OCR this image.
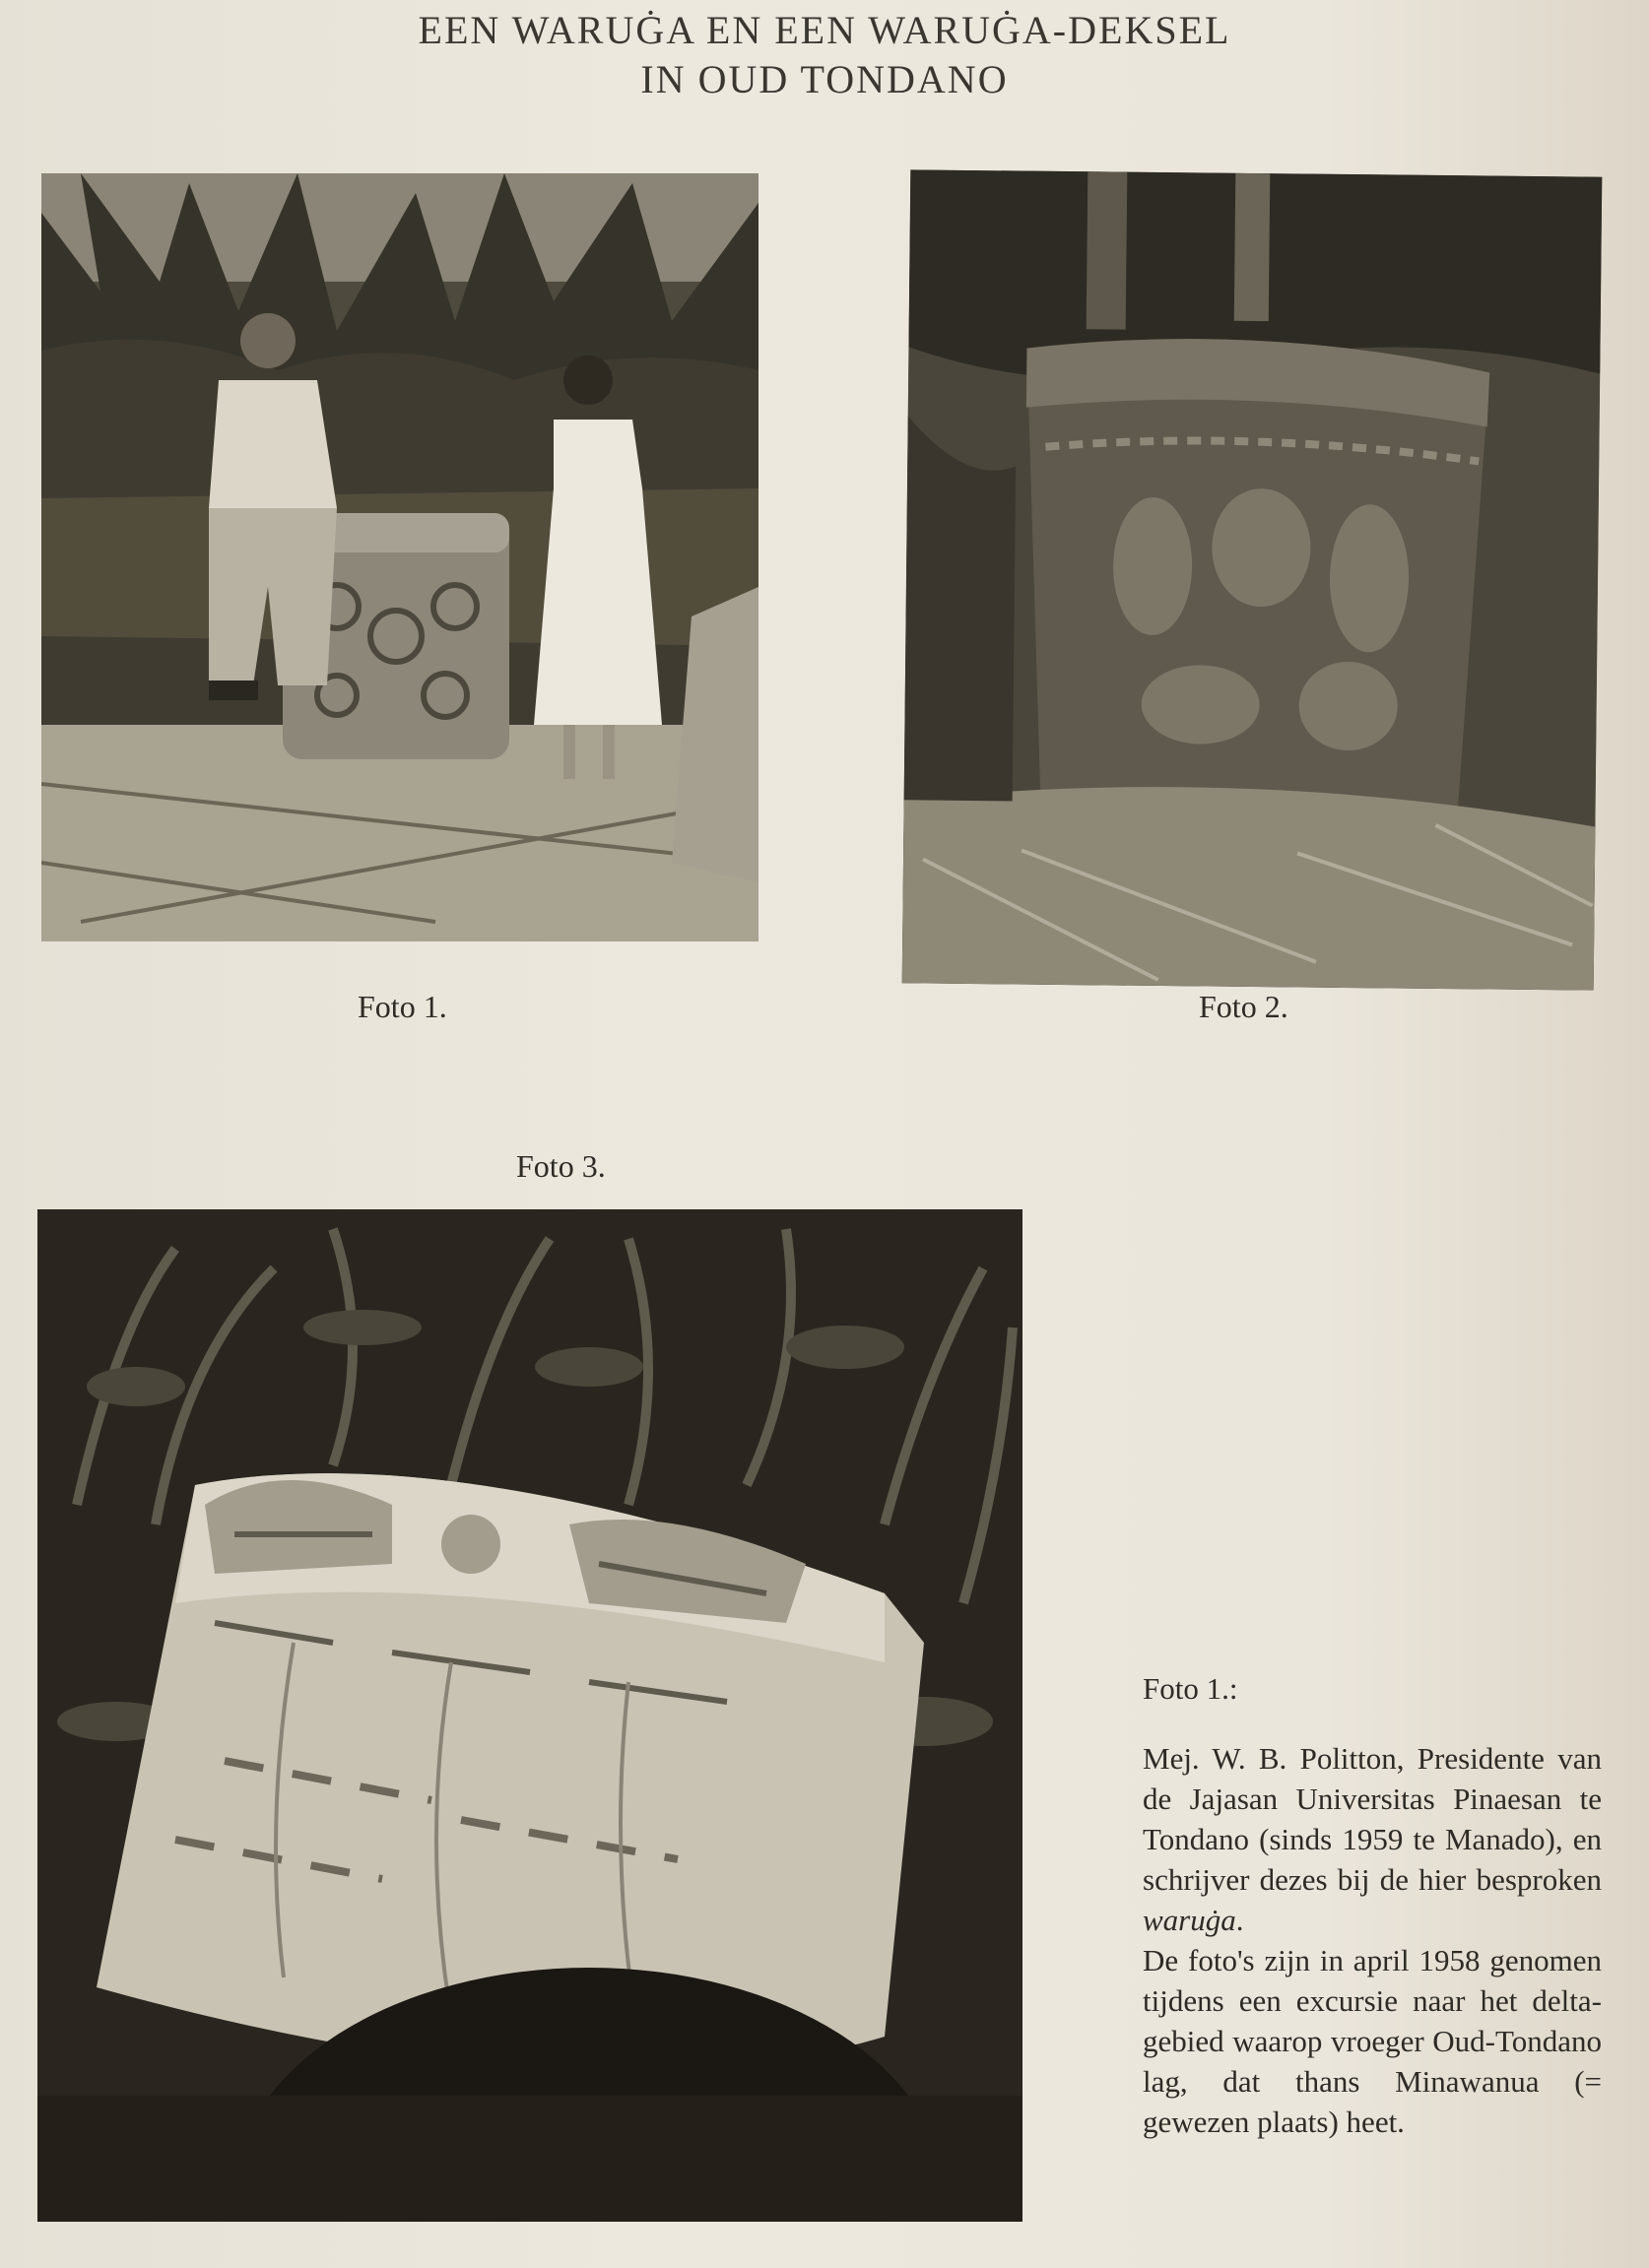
EEN WARUĠA EN EEN WARUĠA-DEKSEL
IN OUD TONDANO
Foto 1.	Foto 2.
Foto 3.
Foto 1.:

Mej. W. B. Politton, Presidente van de Jajasan Universitas Pinaesan te Tondano (sinds 1959 te Manado), en schrijver dezes bij de hier besproken waruġa.

De foto's zijn in april 1958 genomen tijdens een excursie naar het delta-gebied waarop vroeger Oud-Tondano lag, dat thans Minawanua (= gewezen plaats) heet.
